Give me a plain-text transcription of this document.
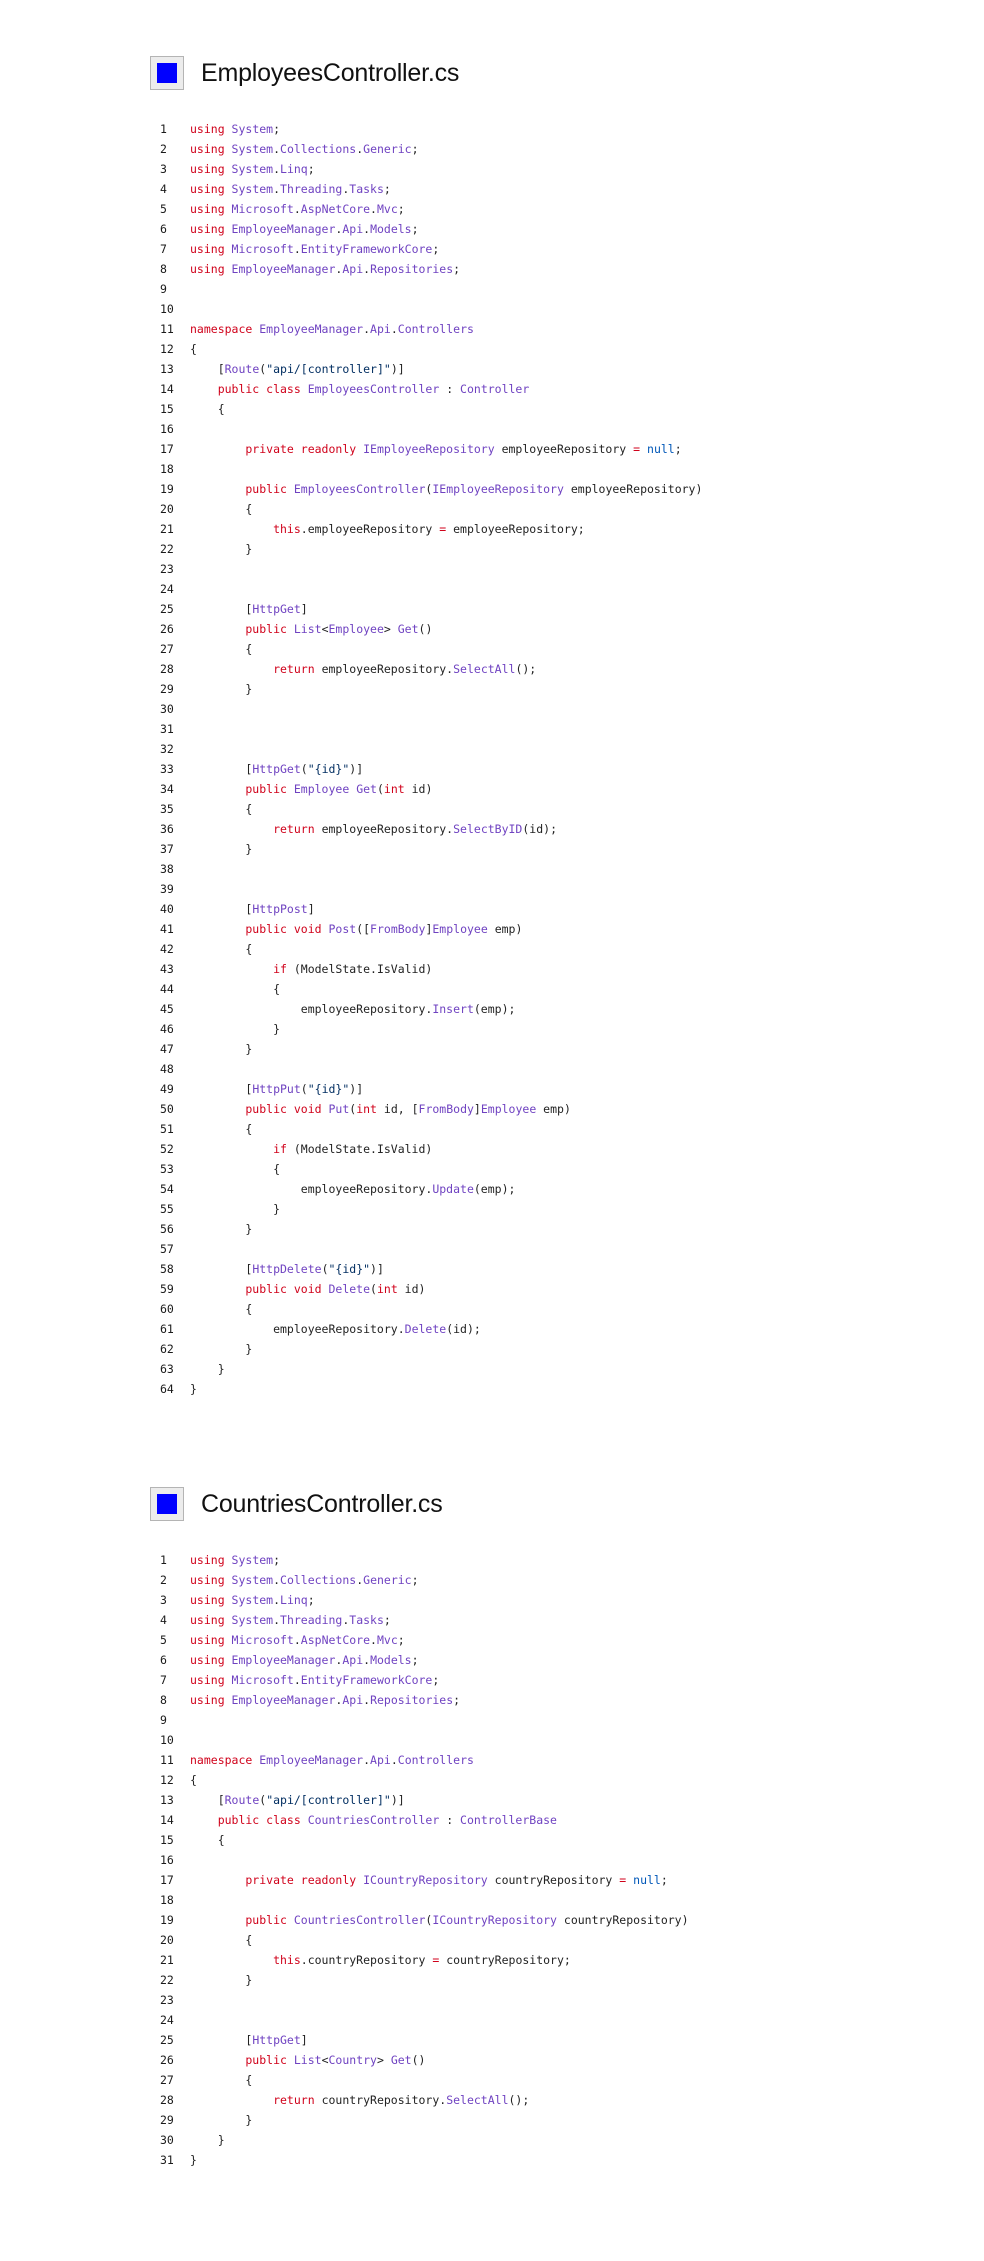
EmployeesController.cs
1	using System;
2	using System.Collections.Generic;
3	using System.Linq;
4	using System.Threading.Tasks;
5	using Microsoft.AspNetCore.Mvc;
6	using EmployeeManager.Api.Models;
7	using Microsoft.EntityFrameworkCore;
8	using EmployeeManager.Api.Repositories;
9
10
11	namespace EmployeeManager.Api.Controllers
12	{
13	[Route("api/[controller]")]
14	public class EmployeesController : Controller
15	{
16
17	private readonly IEmployeeRepository employeeRepository = null;
18
19	public EmployeesController(IEmployeeRepository employeeRepository)
20	{
21	this.employeeRepository = employeeRepository;
22	}
23
24
25	[HttpGet]
26	public List<Employee> Get()
27	{
28	return employeeRepository.SelectAll();
29	}
30
31
32
33	[HttpGet("{id}")]
34	public Employee Get(int id)
35	{
36	return employeeRepository.SelectByID(id);
37	}
38
39
40	[HttpPost]
41	public void Post([FromBody]Employee emp)
42	{
43	if (ModelState.IsValid)
44	{
45	employeeRepository.Insert(emp);
46	}
47	}
48
49	[HttpPut("{id}")]
50	public void Put(int id, [FromBody]Employee emp)
51	{
52	if (ModelState.IsValid)
53	{
54	employeeRepository.Update(emp);
55	}
56	}
57
58	[HttpDelete("{id}")]
59	public void Delete(int id)
60	{
61	employeeRepository.Delete(id);
62	}
63	}
64	}
CountriesController.cs
1	using System;
2	using System.Collections.Generic;
3	using System.Linq;
4	using System.Threading.Tasks;
5	using Microsoft.AspNetCore.Mvc;
6	using EmployeeManager.Api.Models;
7	using Microsoft.EntityFrameworkCore;
8	using EmployeeManager.Api.Repositories;
9
10
11	namespace EmployeeManager.Api.Controllers
12	{
13	[Route("api/[controller]")]
14	public class CountriesController : ControllerBase
15	{
16
17	private readonly ICountryRepository countryRepository = null;
18
19	public CountriesController(ICountryRepository countryRepository)
20	{
21	this.countryRepository = countryRepository;
22	}
23
24
25	[HttpGet]
26	public List<Country> Get()
27	{
28	return countryRepository.SelectAll();
29	}
30	}
31	}
